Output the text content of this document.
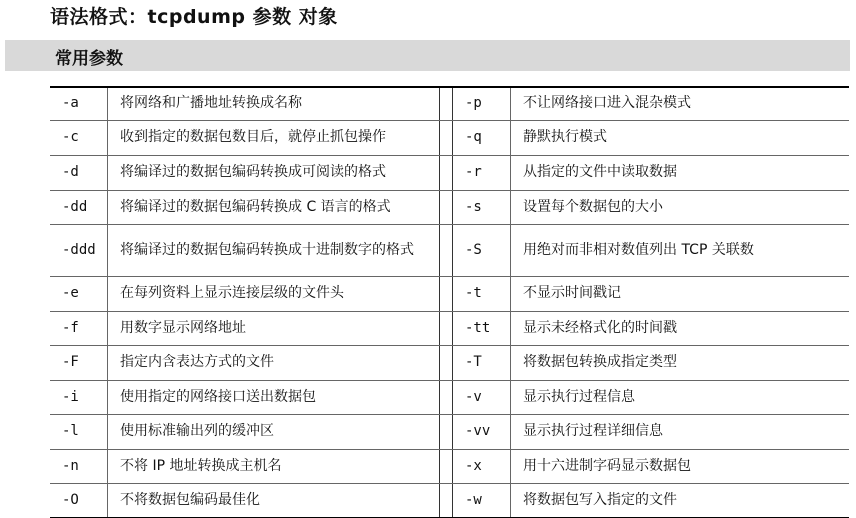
语法格式：tcpdump 参数 对象
常用参数
-a	将网络和广播地址转换成名称	-p	不让网络接口进入混杂模式
-c	收到指定的数据包数目后，就停止抓包操作	-q	静默执行模式
-d	将编译过的数据包编码转换成可阅读的格式	-r	从指定的文件中读取数据
-dd	将编译过的数据包编码转换成 C 语言的格式	-s	设置每个数据包的大小
-ddd	将编译过的数据包编码转换成十进制数字的格式	-S	用绝对而非相对数值列出 TCP 关联数
-e	在每列资料上显示连接层级的文件头	-t	不显示时间戳记
-f	用数字显示网络地址	-tt	显示未经格式化的时间戳
-F	指定内含表达方式的文件	-T	将数据包转换成指定类型
-i	使用指定的网络接口送出数据包	-v	显示执行过程信息
-l	使用标准输出列的缓冲区	-vv	显示执行过程详细信息
-n	不将 IP 地址转换成主机名	-x	用十六进制字码显示数据包
-O	不将数据包编码最佳化	-w	将数据包写入指定的文件
